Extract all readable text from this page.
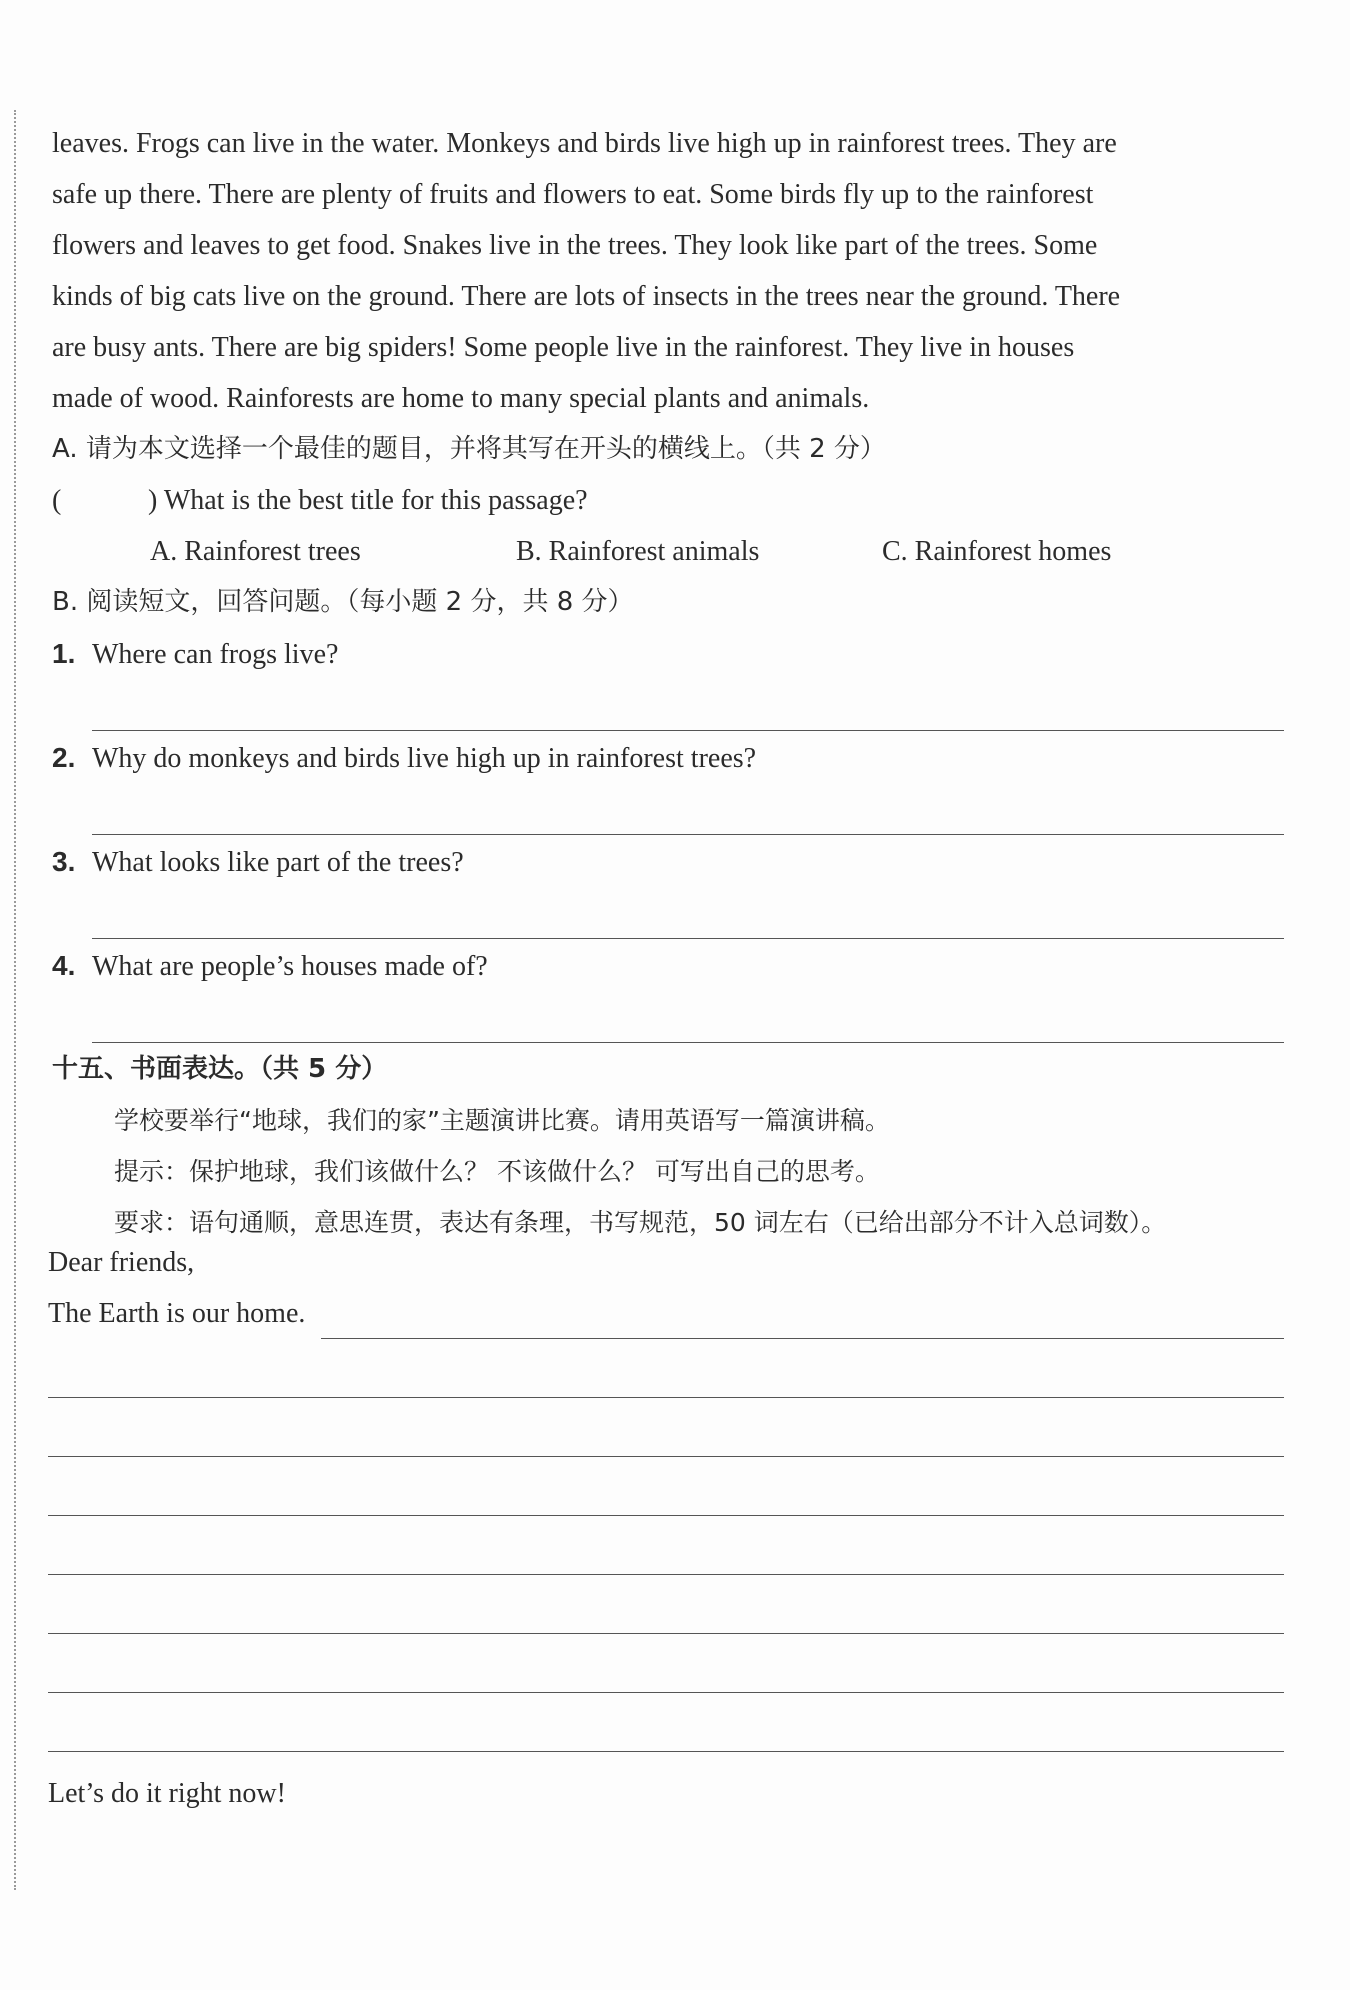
leaves. Frogs can live in the water. Monkeys and birds live high up in rainforest trees. They are

safe up there. There are plenty of fruits and flowers to eat. Some birds fly up to the rainforest

flowers and leaves to get food. Snakes live in the trees. They look like part of the trees. Some

kinds of big cats live on the ground. There are lots of insects in the trees near the ground. There

are busy ants. There are big spiders! Some people live in the rainforest. They live in houses

made of wood. Rainforests are home to many special plants and animals.

A. 请为本文选择一个最佳的题目，并将其写在开头的横线上。（共 2 分）
(	) What is the best title for this passage?
A. Rainforest trees	B. Rainforest animals	C. Rainforest homes
B. 阅读短文，回答问题。（每小题 2 分，共 8 分）
1. Where can frogs live?
2. Why do monkeys and birds live high up in rainforest trees?
3. What looks like part of the trees?
4. What are people’s houses made of?
十五、书面表达。（共 5 分）
学校要举行“地球，我们的家”主题演讲比赛。请用英语写一篇演讲稿。
提示：保护地球，我们该做什么？ 不该做什么？ 可写出自己的思考。
要求：语句通顺，意思连贯，表达有条理，书写规范，50 词左右（已给出部分不计入总词数）。
Dear friends,
The Earth is our home.
Let’s do it right now!
